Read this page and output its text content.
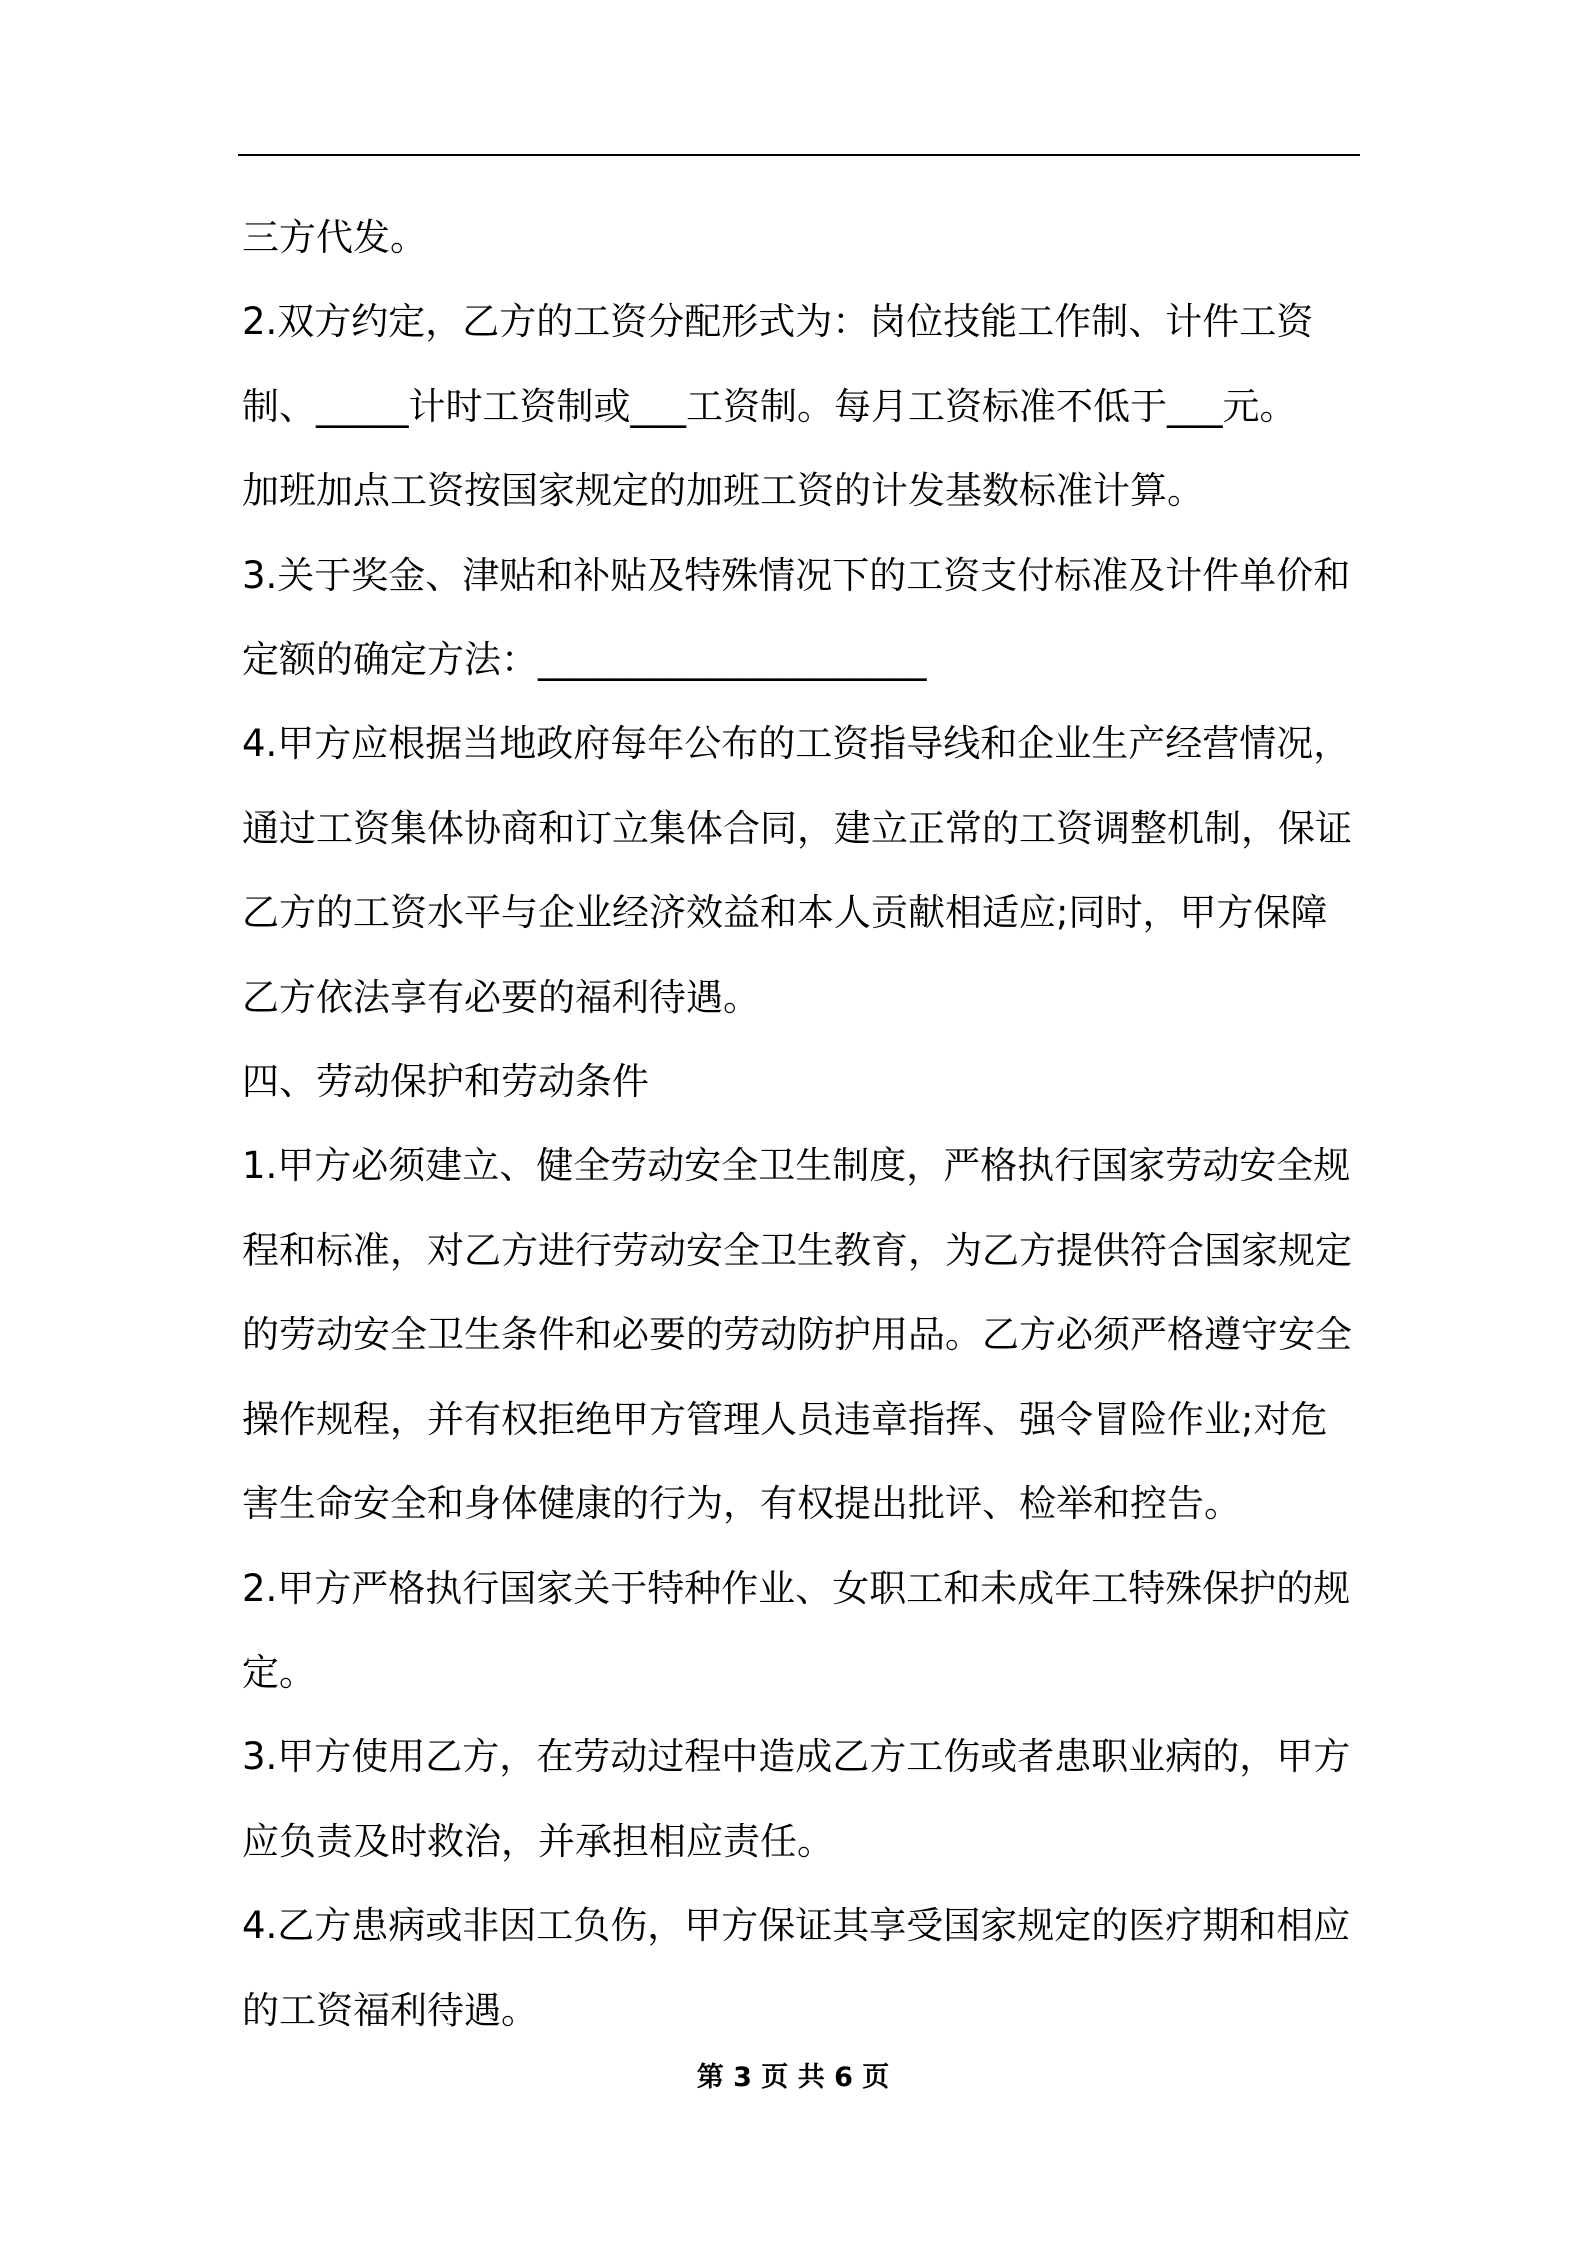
三方代发。

2.双方约定，乙方的工资分配形式为：岗位技能工作制、计件工资

制、_____计时工资制或___工资制。每月工资标准不低于___元。

加班加点工资按国家规定的加班工资的计发基数标准计算。

3.关于奖金、津贴和补贴及特殊情况下的工资支付标准及计件单价和

定额的确定方法：_____________________

4.甲方应根据当地政府每年公布的工资指导线和企业生产经营情况，

通过工资集体协商和订立集体合同，建立正常的工资调整机制，保证

乙方的工资水平与企业经济效益和本人贡献相适应;同时，甲方保障

乙方依法享有必要的福利待遇。

四、劳动保护和劳动条件

1.甲方必须建立、健全劳动安全卫生制度，严格执行国家劳动安全规

程和标准，对乙方进行劳动安全卫生教育，为乙方提供符合国家规定

的劳动安全卫生条件和必要的劳动防护用品。乙方必须严格遵守安全

操作规程，并有权拒绝甲方管理人员违章指挥、强令冒险作业;对危

害生命安全和身体健康的行为，有权提出批评、检举和控告。

2.甲方严格执行国家关于特种作业、女职工和未成年工特殊保护的规

定。

3.甲方使用乙方，在劳动过程中造成乙方工伤或者患职业病的，甲方

应负责及时救治，并承担相应责任。

4.乙方患病或非因工负伤，甲方保证其享受国家规定的医疗期和相应

的工资福利待遇。

第 3 页 共 6 页
